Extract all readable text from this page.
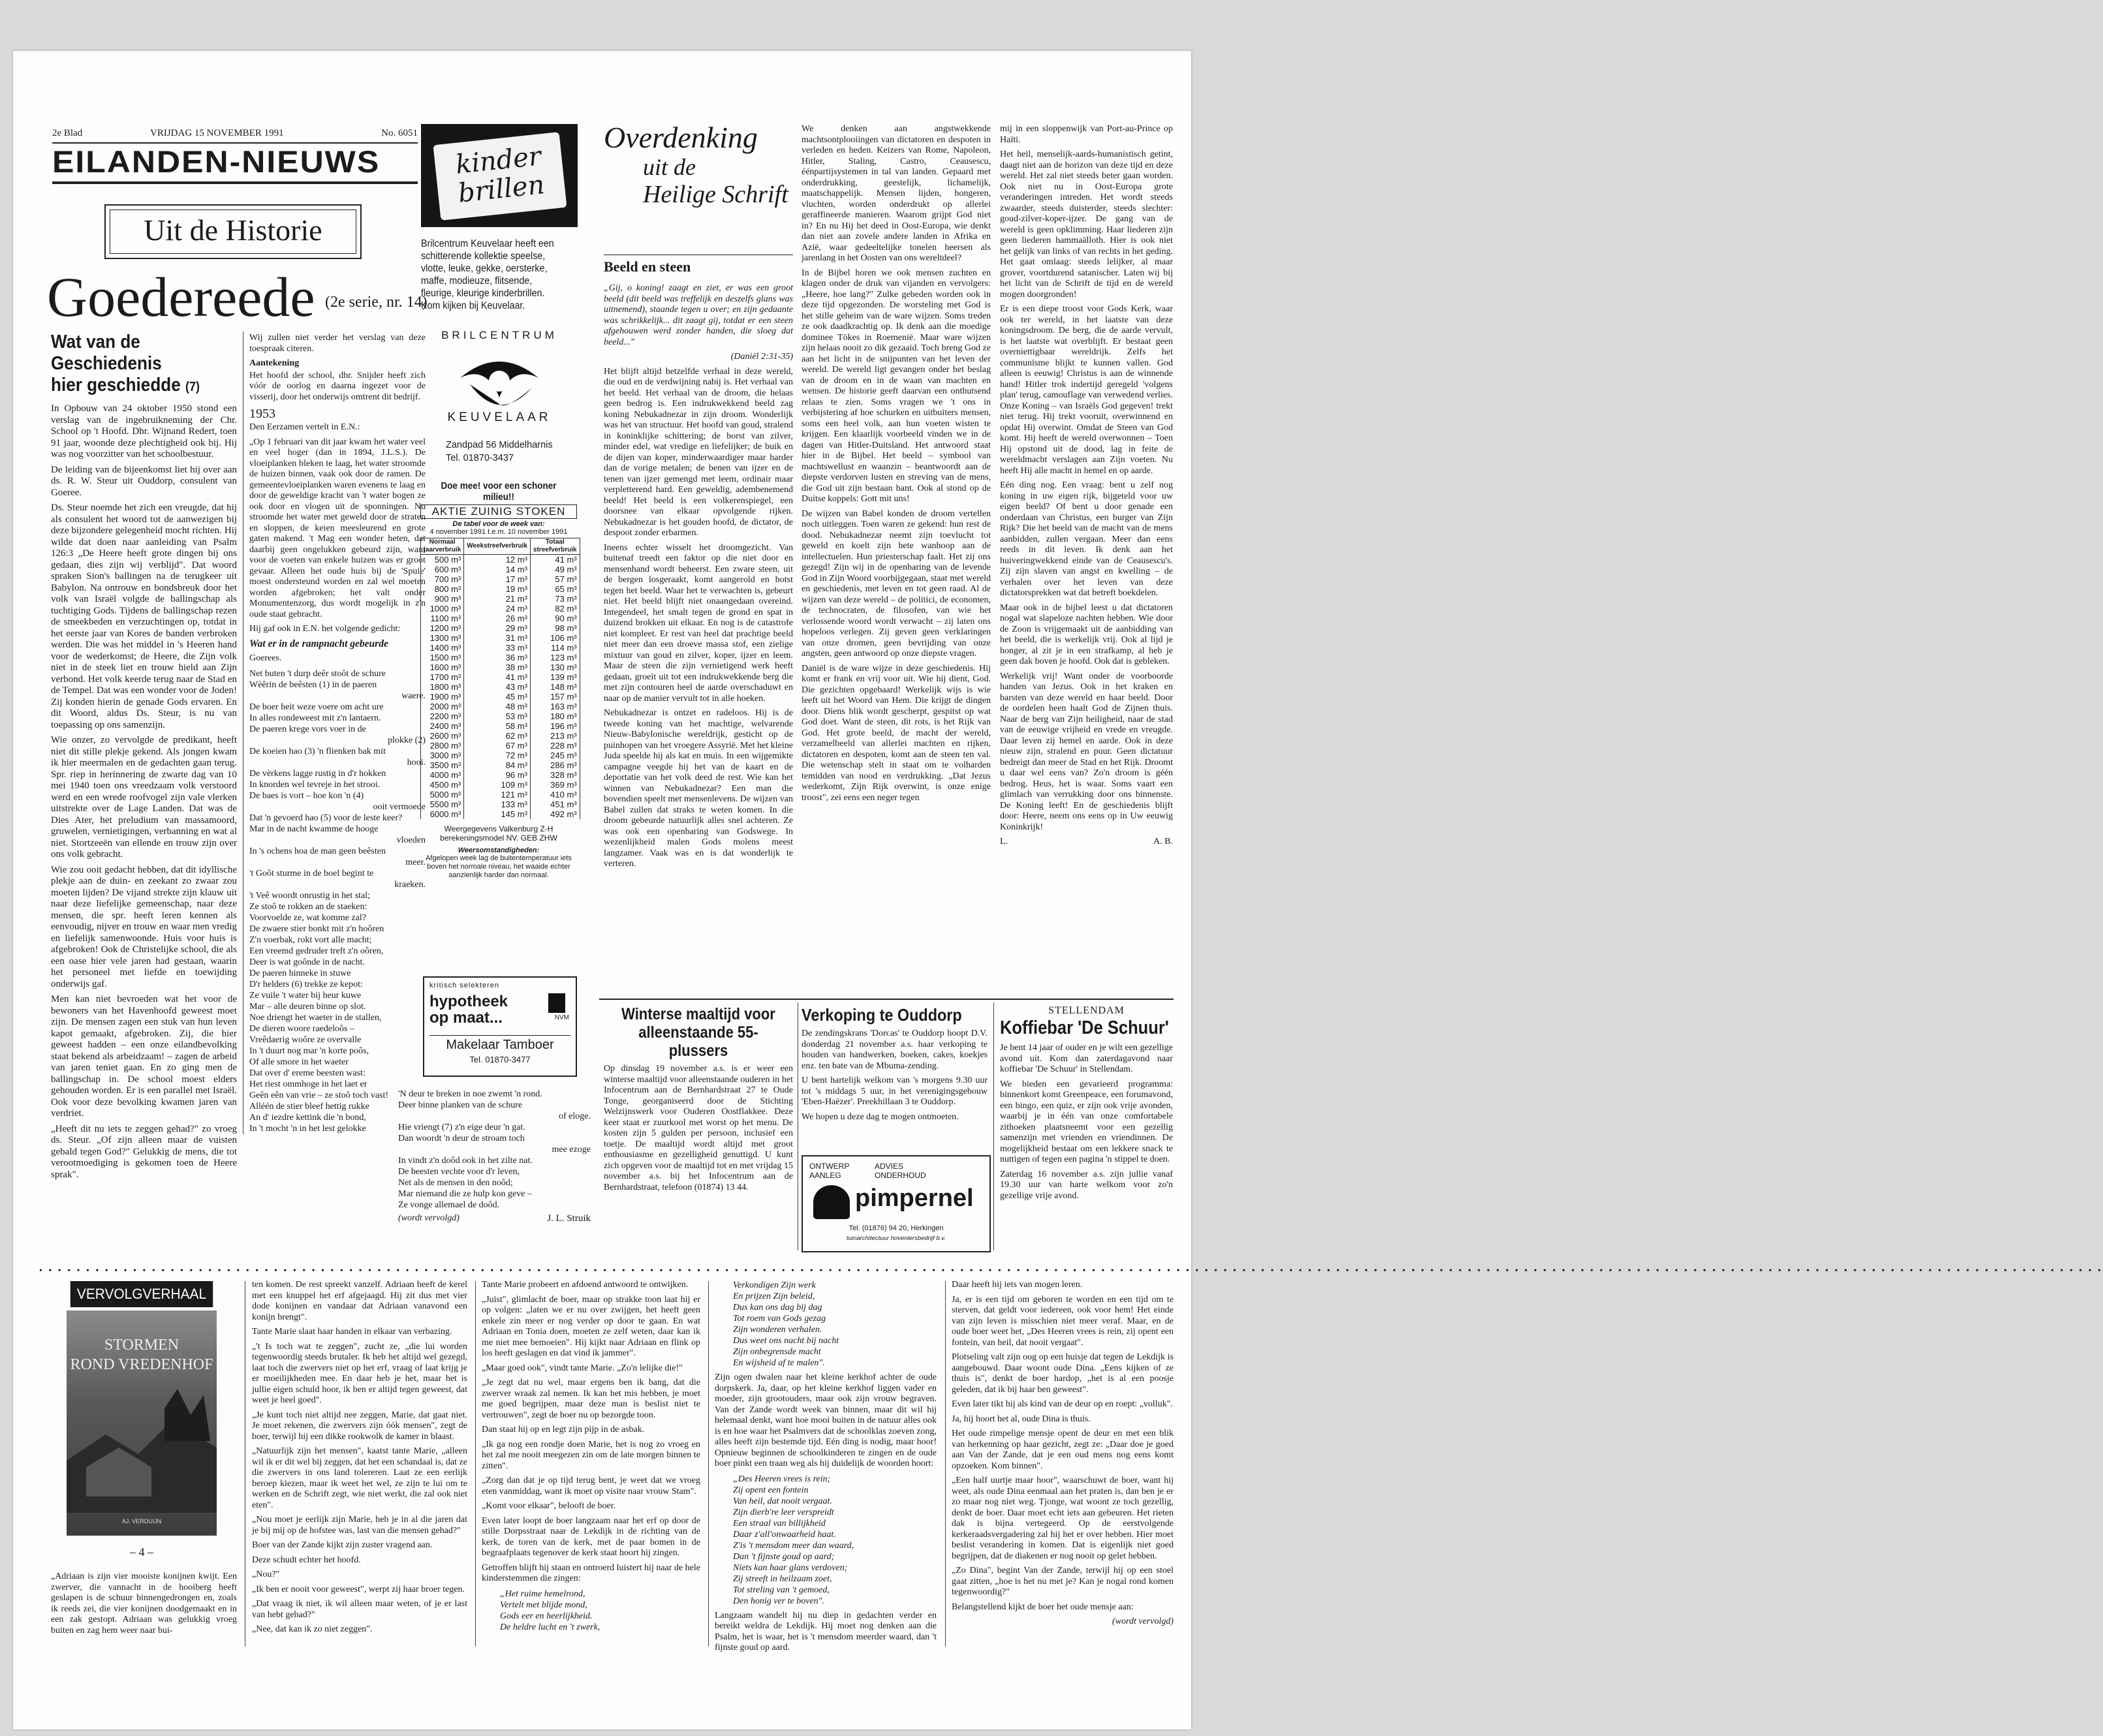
2e Blad	VRIJDAG 15 NOVEMBER 1991	No. 6051
EILANDEN-NIEUWS
Uit de Historie
Goedereede (2e serie, nr. 14)
Wat van de Geschiedenis
hier geschiedde (7)

In Opbouw van 24 oktober 1950 stond een verslag van de ingebruikneming der Chr. School op 't Hoofd. Dhr. Wijnand Redert, toen 91 jaar, woonde deze plechtigheid ook bij. Hij was nog voorzitter van het schoolbestuur.

De leiding van de bijeenkomst liet hij over aan ds. R. W. Steur uit Ouddorp, consulent van Goeree.

Ds. Steur noemde het zich een vreugde, dat hij als consulent het woord tot de aanwezigen bij deze bijzondere gelegenheid mocht richten. Hij wilde dat doen naar aanleiding van Psalm 126:3 „De Heere heeft grote dingen bij ons gedaan, dies zijn wij verblijd". Dat woord spraken Sion's ballingen na de terugkeer uit Babylon. Na ontrouw en bondsbreuk door het volk van Israël volgde de ballingschap als tuchtiging Gods. Tijdens de ballingschap rezen de smeekbeden en verzuchtingen op, totdat in het eerste jaar van Kores de banden verbroken werden. Die was het middel in 's Heeren hand voor de wederkomst; de Heere, die Zijn volk niet in de steek liet en trouw hield aan Zijn verbond. Het volk keerde terug naar de Stad en de Tempel. Dat was een wonder voor de Joden! Zij konden hierin de genade Gods ervaren. En dit Woord, aldus Ds. Steur, is nu van toepassing op ons samenzijn.

Wie onzer, zo vervolgde de predikant, heeft niet dit stille plekje gekend. Als jongen kwam ik hier meermalen en de gedachten gaan terug. Spr. riep in herinnering de zwarte dag van 10 mei 1940 toen ons vreedzaam volk verstoord werd en een wrede roofvogel zijn vale vlerken uitstrekte over de Lage Landen. Dat was de Dies Ater, het preludium van massamoord, gruwelen, vernietigingen, verbanning en wat al niet. Stortzeeën van ellende en trouw zijn over ons volk gebracht.

Wie zou ooit gedacht hebben, dat dit idyllische plekje aan de duin- en zeekant zo zwaar zou moeten lijden? De vijand strekte zijn klauw uit naar deze liefelijke gemeenschap, naar deze mensen, die spr. heeft leren kennen als eenvoudig, nijver en trouw en waar men vredig en liefelijk samenwoonde. Huis voor huis is afgebroken! Ook de Christelijke school, die als een oase hier vele jaren had gestaan, waarin het personeel met liefde en toewijding onderwijs gaf.

Men kan niet bevroeden wat het voor de bewoners van het Havenhoofd geweest moet zijn. De mensen zagen een stuk van hun leven kapot gemaakt, afgebroken. Zij, die hier geweest hadden – een onze eilandbevolking staat bekend als arbeidzaam! – zagen de arbeid van jaren teniet gaan. En zo ging men de ballingschap in. De school moest elders gehouden worden. Er is een parallel met Israël. Ook voor deze bevolking kwamen jaren van verdriet.

„Heeft dit nu iets te zeggen gehad?" zo vroeg ds. Steur. „Of zijn alleen maar de vuisten gebald tegen God?" Gelukkig de mens, die tot verootmoediging is gekomen toen de Heere sprak".

Wij zullen niet verder het verslag van deze toespraak citeren.

Aantekening

Het hoofd der school, dhr. Snijder heeft zich vóór de oorlog en daarna ingezet voor de visserij, door het onderwijs omtrent dit bedrijf.

1953

Den Eerzamen vertelt in E.N.:

„Op 1 februari van dit jaar kwam het water veel en veel hoger (dan in 1894, J.L.S.). De vloeiplanken bleken te laag, het water stroomde de huizen binnen, vaak ook door de ramen. De gemeentevloeiplanken waren evenens te laag en door de geweldige kracht van 't water bogen ze ook door en vlogen uit de sponningen. Nu stroomde het water met geweld door de straten en sloppen, de keien meesleurend en grote gaten makend. 't Mag een wonder heten, dat daarbij geen ongelukken gebeurd zijn, want voor de voeten van enkele huizen was er groot gevaar. Alleen het oude huis bij de 'Spuie' moest ondersteund worden en zal wel moeten worden afgebroken; het valt onder Monumentenzorg, dus wordt mogelijk in z'n oude staat gebracht.

Hij gaf ook in E.N. het volgende gedicht:

Wat er in de rampnacht gebeurde

Goerees.

Net buten 't durp deêr stoôt de schure
Wèêrin de beêsten (1) in de paeren
waere.
De boer heit weze voere om acht ure
In alles rondeweest mit z'n lantaern.
De paeren krege vors voer in de
plokke (2)
De koeien hao (3) 'n flienken bak mit
hooi.
De vèrkens lagge rustig in d'r hokken
In knorden wel tevreje in het strooi.
De baes is vort – hoe kon 'n (4)
ooit vermoede
Dat 'n gevoerd hao (5) voor de leste keer?
Mar in de nacht kwamme de hooge
vloeden
In 's ochens hoa de man geen beêsten
meer.
't Goôt sturme in de boel begint te
kraeken.
't Veê woordt onrustig in het stal;
Ze stoô te rokken an de staeken:
Voorvoelde ze, wat komme zal?
De zwaere stier bonkt mit z'n hoôren
Z'n voerbak, rokt vort alle macht;
Een vreemd gedruder treft z'n oôren,
Deer is wat goônde in de nacht.
De paeren hinneke in stuwe
D'r helders (6) trekke ze kepot:
Ze vuile 't water bij heur kuwe
Mar – alle deuren binne op slot.
Noe driengt het waeter in de stallen,
De dieren woore raedeloôs –
Vreêdaerig woôre ze overvalle
In 't duurt nog mar 'n korte poôs,
Of alle smore in het waeter
Dat over d' ereme beesten wast:
Het riest ommhoge in het laet er
Geên eên van vrie – ze stoô toch vast!
Alléén de stier bleef hettig rukke
An d' iezdre kettink die 'n bond,
In 't mocht 'n in het lest gelokke
'N deur te breken in noe zwemt 'n rond.
Deer binne planken van de schure
of eloge.
Hie vriengt (7) z'n eige deur 'n gat.
Dan woordt 'n deur de stroam toch
mee ezoge
In vindt z'n doôd ook in het zilte nat.
De beesten vechte voor d'r leven,
Net als de mensen in den noôd;
Mar niemand die ze hulp kon geve –
Ze vonge allemael de doôd.
(wordt vervolgd)	J. L. Struik
kinder brillen
Brilcentrum Keuvelaar heeft een schitterende kollektie speelse, vlotte, leuke, gekke, oersterke, maffe, modieuze, flitsende, fleurige, kleurige kinderbrillen. Kom kijken bij Keuvelaar.
BRILCENTRUM
KEUVELAAR
Zandpad 56 Middelharnis
Tel. 01870-3437
Doe mee! voor een schoner milieu!!
AKTIE ZUINIG STOKEN
De tabel voor de week van:
4 november 1991 t.e.m. 10 november 1991
Normaal jaarverbruik	Weekstreefverbruik	Totaal streefverbruik
500 m³	12 m³	41 m³
600 m³	14 m³	49 m³
700 m³	17 m³	57 m³
800 m³	19 m³	65 m³
900 m³	21 m³	73 m³
1000 m³	24 m³	82 m³
1100 m³	26 m³	90 m³
1200 m³	29 m³	98 m³
1300 m³	31 m³	106 m³
1400 m³	33 m³	114 m³
1500 m³	36 m³	123 m³
1600 m³	38 m³	130 m³
1700 m³	41 m³	139 m³
1800 m³	43 m³	148 m³
1900 m³	45 m³	157 m³
2000 m³	48 m³	163 m³
2200 m³	53 m³	180 m³
2400 m³	58 m³	196 m³
2600 m³	62 m³	213 m³
2800 m³	67 m³	228 m³
3000 m³	72 m³	245 m³
3500 m³	84 m³	286 m³
4000 m³	96 m³	328 m³
4500 m³	109 m³	369 m³
5000 m³	121 m³	410 m³
5500 m³	133 m³	451 m³
6000 m³	145 m³	492 m³
Weergegevens Valkenburg Z-H
berekeningsmodel NV. GEB ZHW
Weersomstandigheden:
Afgelopen week lag de buitentemperatuur iets boven het normale niveau, het waaide echter aanzienlijk harder dan normaal.
kritisch selekteren
hypotheek op maat...	NVM
Makelaar Tamboer
Tel. 01870-3477
Overdenking
uit de
Heilige Schrift
Beeld en steen

„Gij, o koning! zaagt en ziet, er was een groot beeld (dit beeld was treffelijk en deszelfs glans was uitnemend), staande tegen u over; en zijn gedaante was schrikkelijk... dit zaagt gij, totdat er een steen afgehouwen werd zonder handen, die sloeg dat beeld..."

(Daniël 2:31-35)

Het blijft altijd hetzelfde verhaal in deze wereld, die oud en de verdwijning nabij is. Het verhaal van het beeld. Het verhaal van de droom, die helaas geen bedrog is. Een indrukwekkend beeld zag koning Nebukadnezar in zijn droom. Wonderlijk was het van structuur. Het hoofd van goud, stralend in koninklijke schittering; de borst van zilver, minder edel, wat vredige en liefelijker; de buik en de dijen van koper, minderwaardiger maar harder dan de vorige metalen; de benen van ijzer en de tenen van ijzer gemengd met leem, ordinair maar verpletterend hard. Een geweldig, adembenemend beeld! Het beeld is een volkerenspiegel, een doorsnee van elkaar opvolgende rijken. Nebukadnezar is het gouden hoofd, de dictator, de despoot zonder erbarmen.

Ineens echter wisselt het droomgezicht. Van buitenaf treedt een faktor op die niet door en mensenhand wordt beheerst. Een zware steen, uit de bergen losgeraakt, komt aangerold en botst tegen het beeld. Waar het te verwachten is, gebeurt niet. Het beeld blijft niet onaangedaan overeind. Integendeel, het smalt tegen de grond en spat in duizend brokken uit elkaar. En nog is de catastrofe niet kompleet. Er rest van heel dat prachtige beeld niet meer dan een droeve massa stof, een zielige mixtuur van goud en zilver, koper, ijzer en leem. Maar de steen die zijn vernietigend werk heeft gedaan, groeit uit tot een indrukwekkende berg die met zijn contouren heel de aarde overschaduwt en naar op de manier vervult tot in alle hoeken.

Nebukadnezar is ontzet en radeloos. Hij is de tweede koning van het machtige, welvarende Nieuw-Babylonische wereldrijk, gesticht op de puinhopen van het vroegere Assyrië. Met het kleine Juda speelde hij als kat en muis. In een wijgemikte campagne veegde hij het van de kaart en de deportatie van het volk deed de rest. Wie kan het winnen van Nebukadnezar? Een man die bovendien speelt met mensenlevens. De wijzen van Babel zullen dat straks te weten komen. In die droom gebeurde natuurlijk alles snel achteren. Ze was ook een openbaring van Godswege. In wezenlijkheid malen Gods molens meest langzamer. Vaak was en is dat wonderlijk te verteren.

We denken aan angstwekkende machtsontplooiingen van dictatoren en despoten in verleden en heden. Keizers van Rome, Napoleon, Hitler, Staling, Castro, Ceausescu, éénpartijsystemen in tal van landen. Gepaard met onderdrukking, geestelijk, lichamelijk, maatschappelijk. Mensen lijden, hongeren, vluchten, worden onderdrukt op allerlei geraffineerde manieren. Waarom grijpt God niet in? En nu Hij het deed in Oost-Europa, wie denkt dan niet aan zovele andere landen in Afrika en Azië, waar gedeeltelijke tonelen heersen als jarenlang in het Oosten van ons wereltdeel?

In de Bijbel horen we ook mensen zuchten en klagen onder de druk van vijanden en vervolgers: „Heere, hoe lang?" Zulke gebeden worden ook in deze tijd opgezonden. De worsteling met God is het stille geheim van de ware wijzen. Soms treden ze ook daadkrachtig op. Ik denk aan die moedige dominee Tökes in Roemenië. Maar ware wijzen zijn helaas nooit zo dik gezaaid. Toch breng God ze aan het licht in de snijpunten van het leven der wereld. De wereld ligt gevangen onder het beslag van de droom en in de waan van machten en wensen. De historie geeft daarvan een onthutsend relaas te zien. Soms vragen we 't ons in verbijstering af hoe schurken en uitbuiters mensen, soms een heel volk, aan hun voeten wisten te krijgen. Een klaarlijk voorbeeld vinden we in de dagen van Hitler-Duitsland. Het antwoord staat hier in de Bijbel. Het beeld – symbool van machtswellust en waanzin – beantwoordt aan de diepste verdorven lusten en streving van de mens, die God uit zijn bestaan bant. Ook al stond op de Duitse koppels: Gott mit uns!

De wijzen van Babel konden de droom vertellen noch uitleggen. Toen waren ze gekend: hun rest de dood. Nebukadnezar neemt zijn toevlucht tot geweld en koelt zijn hete wanhoop aan de intellectuelen. Hun priesterschap faalt. Het zij ons gezegd! Zijn wij in de openbaring van de levende God in Zijn Woord voorbijgegaan, staat met wereld en geschiedenis, met leven en tot geen raad. Al de wijzen van deze wereld – de politici, de economen, de technocraten, de filosofen, van wie het verlossende woord wordt verwacht – zij laten ons hopeloos verlegen. Zij geven geen verklaringen van onze dromen, geen bevrijding van onze angsten, geen antwoord op onze diepste vragen.

Daniël is de ware wijze in deze geschiedenis. Hij komt er frank en vrij voor uit. Wie hij dient, God. Die gezichten opgebaard! Werkelijk wijs is wie leeft uit het Woord van Hem. Die krijgt de dingen door. Diens blik wordt gescherpt, gespitst op wat God doet. Want de steen, dit rots, is het Rijk van God. Het grote beeld, de macht der wereld, verzamelbeeld van allerlei machten en rijken, dictatoren en despoten, komt aan de steen ten val. Die wetenschap stelt in staat om te volharden temidden van nood en verdrukking. „Dat Jezus wederkomt, Zijn Rijk overwint, is onze enige troost", zei eens een neger tegen

mij in een sloppenwijk van Port-au-Prince op Haïti.

Het heil, menselijk-aards-humanistisch getint, daagt niet aan de horizon van deze tijd en deze wereld. Het zal niet steeds beter gaan worden. Ook niet nu in Oost-Europa grote veranderingen intreden. Het wordt steeds zwaarder, steeds duisterder, steeds slechter: goud-zilver-koper-ijzer. De gang van de wereld is geen opklimming. Haar liederen zijn geen liederen hammaälloth. Hier is ook niet het gelijk van links of van rechts in het geding. Het gaat omlaag: steeds lelijker, al maar grover, voortdurend satanischer. Laten wij bij het licht van de Schrift de tijd en de wereld mogen doorgronden!

Er is een diepe troost voor Gods Kerk, waar ook ter wereld, in het laatste van deze koningsdroom. De berg, die de aarde vervult, is het laatste wat overblijft. Er bestaat geen overniettigbaar wereldrijk. Zelfs het communisme blijkt te kunnen vallen. God alleen is eeuwig! Christus is aan de winnende hand! Hitler trok indertijd geregeld 'volgens plan' terug, camouflage van verwedend verlies. Onze Koning – van Israëls God gegeven! trekt niet terug. Hij trekt vooruit, overwinnend en opdat Hij overwint. Omdat de Steen van God komt. Hij heeft de wereld overwonnen – Toen Hij opstond uit de dood, lag in feite de wereldmacht verslagen aan Zijn voeten. Nu heeft Hij alle macht in hemel en op aarde.

Eén ding nog. Een vraag: bent u zelf nog koning in uw eigen rijk, bijgeteld voor uw eigen beeld? Of bent u door genade een onderdaan van Christus, een burger van Zijn Rijk? Die het beeld van de macht van de mens aanbidden, zullen vergaan. Meer dan eens reeds in dit leven. Ik denk aan het huiveringwekkend einde van de Ceausescu's. Zij zijn slaven van angst en kwelling – de verhalen over het leven van deze dictatorsprekken wat dat betreft boekdelen.

Maar ook in de bijbel leest u dat dictatoren nogal wat slapeloze nachten hebben. Wie door de Zoon is vrijgemaakt uit de aanbidding van het beeld, die is werkelijk vrij. Ook al lijd je honger, al zit je in een strafkamp, al heb je geen dak boven je hoofd. Ook dat is gebleken.

Werkelijk vrij! Want onder de voorboorde handen van Jezus. Ook in het kraken en barsten van deze wereld en haar beeld. Door de oordelen heen haalt God de Zijnen thuis. Naar de berg van Zijn heiligheid, naar de stad van de eeuwige vrijheid en vrede en vreugde. Daar leven zij hemel en aarde. Ook in deze nieuw zijn, stralend en puur. Geen dictatuur bedreigt dan meer de Stad en het Rijk. Droomt u daar wel eens van? Zo'n droom is géén bedrog. Heus, het is waar. Soms vaart een glimlach van verrukking door ons binnenste. De Koning leeft! En de geschiedenis blijft door: Heere, neem ons eens op in Uw eeuwig Koninkrijk!

L.	A. B.
Winterse maaltijd voor alleenstaande 55-plussers

Op dinsdag 19 november a.s. is er weer een winterse maaltijd voor alleenstaande ouderen in het Infocentrum aan de Bernhardstraat 27 te Oude Tonge, georganiseerd door de Stichting Welzijnswerk voor Ouderen Oostflakkee. Deze keer staat er zuurkool met worst op het menu. De kosten zijn 5 gulden per persoon, inclusief een toetje. De maaltijd wordt altijd met groot enthousiasme en gezelligheid genuttigd. U kunt zich opgeven voor de maaltijd tot en met vrijdag 15 november a.s. bij het Infocentrum aan de Bernhardstraat, telefoon (01874) 13 44.

Verkoping te Ouddorp

De zendingskrans 'Dorcas' te Ouddorp hoopt D.V. donderdag 21 november a.s. haar verkoping te houden van handwerken, boeken, cakes, koekjes enz. ten bate van de Mbuma-zending.

U bent hartelijk welkom van 's morgens 9.30 uur tot 's middags 5 uur, in het verenigingsgebouw 'Eben-Haëzer'. Preekhillaan 3 te Ouddorp.

We hopen u deze dag te mogen ontmoeten.

ONTWERP
AANLEG
ADVIES
ONDERHOUD
pimpernel
Tel. (01876) 94 20, Herkingen
tuinarchitectuur hoveniersbedrijf b.v.
STELLENDAM
Koffiebar 'De Schuur'

Je bent 14 jaar of ouder en je wilt een gezellige avond uit. Kom dan zaterdagavond naar koffiebar 'De Schuur' in Stellendam.

We bieden een gevarieerd programma: binnenkort komt Greenpeace, een forumavond, een bingo, een quiz, er zijn ook vrije avonden, waarbij je in één van onze comfortabele zithoeken plaatsneemt voor een gezellig samenzijn met vrienden en vriendinnen. De mogelijkheid bestaat om een lekkere snack te nuttigen of tegen een pagina 'n stippel te doen.

Zaterdag 16 november a.s. zijn jullie vanaf 19.30 uur van harte welkom voor zo'n gezellige vrije avond.

• • • • • • • • • • • • • • • • • • • • • • • • • • • • • • • • • • • • • • • • • • • • • • • • • • • • • • • • • • • • • • • • • • • • • • • • • • • • • • • • • • • • • • • • • • • • • • • • • • • • • • • • • • • • • • • • • • • • • • • • • • • • • • • • • • • • • • • • • • • • • • • • • • • • • • • • • • • • • • • • • • • • • • • • • • • • • • • • • • • • • • • • • • • • • • • • • • • • • • • • • • • • • • • • • • • • • • • • • • • •
VERVOLGVERHAAL
STORMEN
ROND VREDENHOF
AJ. VERDUIJN
– 4 –

„Adriaan is zijn vier mooiste konijnen kwijt. Een zwerver, die vannacht in de hooiberg heeft geslapen is de schuur binnengedrongen en, zoals ik reeds zei, die vier konijnen doodgemaakt en in een zak gestopt. Adriaan was gelukkig vroeg buiten en zag hem weer naar bui-

ten komen. De rest spreekt vanzelf. Adriaan heeft de kerel met een knuppel het erf afgejaagd. Hij zit dus met vier dode konijnen en vandaar dat Adriaan vanavond een konijn brengt".

Tante Marie slaat haar handen in elkaar van verbazing.

„'t Is toch wat te zeggen", zucht ze, „die lui worden tegenwoordig steeds brutaler. Ik heb het altijd wel gezegd, laat toch die zwervers niet op het erf, vraag of laat krijg je er moeilijkheden mee. En daar heb je het, maar het is jullie eigen schuld hoor, ik ben er altijd tegen geweest, dat weet je heel goed".

„Je kunt toch niet altijd nee zeggen, Marie, dat gaat niet. Je moet rekenen, die zwervers zijn óók mensen", zegt de boer, terwijl hij een dikke rookwolk de kamer in blaast.

„Natuurlijk zijn het mensen", kaatst tante Marie, „alleen wil ik er dit wel bij zeggen, dat het een schandaal is, dat ze die zwervers in ons land tolereren. Laat ze een eerlijk beroep kiezen, maar ik weet het wel, ze zijn te lui om te werken en de Schrift zegt, wie niet werkt, die zal ook niet eten".

„Nou moet je eerlijk zijn Marie, heb je in al die jaren dat je bij mij op de hofstee was, last van die mensen gehad?"

Boer van der Zande kijkt zijn zuster vragend aan.

Deze schudt echter het hoofd.

„Nou?"

„Ik ben er nooit voor geweest", werpt zij haar broer tegen.

„Dat vraag ik niet, ik wil alleen maar weten, of je er last van hebt gehad?"

„Nee, dat kan ik zo niet zeggen".

Tante Marie probeert en afdoend antwoord te ontwijken.

„Juist", glimlacht de boer, maar op strakke toon laat hij er op volgen: „laten we er nu over zwijgen, het heeft geen enkele zin meer er nog verder op door te gaan. En wat Adriaan en Tonia doen, moeten ze zelf weten, daar kan ik me niet mee bemoeien". Hij kijkt naar Adriaan en flink op los heeft geslagen en dat vind ik jammer".

„Maar goed ook", vindt tante Marie. „Zo'n lelijke die!"

„Je zegt dat nu wel, maar ergens ben ik bang, dat die zwerver wraak zal nemen. Ik kan het mis hebben, je moet me goed begrijpen, maar deze man is beslist niet te vertrouwen", zegt de boer nu op bezorgde toon.

Dan staat hij op en legt zijn pijp in de asbak.

„Ik ga nog een rondje doen Marie, het is nog zo vroeg en het zal me nooit meegezen zin om de late morgen binnen te zitten".

„Zorg dan dat je op tijd terug bent, je weet dat we vroeg eten vanmiddag, want ik moet op visite naar vrouw Stam".

„Komt voor elkaar", belooft de boer.

Even later loopt de boer langzaam naar het erf op door de stille Dorpsstraat naar de Lekdijk in de richting van de kerk, de toren van de kerk, met de paar bomen in de begraafplaats tegenover de kerk staat hoort hij zingen.

Getroffen blijft hij staan en ontroerd luistert hij naar de hele kinderstemmen die zingen:

„Het ruime hemelrond,
Vertelt met blijde mond,
Gods eer en heerlijkheid.
De heldre lucht en 't zwerk,
Verkondigen Zijn werk
En prijzen Zijn beleid,
Dus kan ons dag bij dag
Tot roem van Gods gezag
Zijn wonderen verhalen.
Dus weet ons nacht bij nacht
Zijn onbegrensde macht
En wijsheid af te malen".

Zijn ogen dwalen naar het kleine kerkhof achter de oude dorpskerk. Ja, daar, op het kleine kerkhof liggen vader en moeder, zijn grootouders, maar ook zijn vrouw begraven. Van der Zande wordt week van binnen, maar dit wil hij helemaal denkt, want hoe mooi buiten in de natuur alles ook is en hoe waar het Psalmvers dat de schoolklas zoeven zong, alles heeft zijn bestemde tijd. Eén ding is nodig, maar hoor! Opnieuw beginnen de schoolkinderen te zingen en de oude boer pinkt een traan weg als hij duidelijk de woorden hoort:

„Des Heeren vrees is rein;
Zij opent een fontein
Van heil, dat nooit vergaat.
Zijn dierb're leer verspreidt
Een straal van billijkheid
Daar z'all'onwaarheid haat.
Z'is 't mensdom meer dan waard,
Dan 't fijnste goud op aard;
Niets kan haar glans verdoven;
Zij streeft in heilzaam zoet,
Tot streling van 't gemoed,
Den honig ver te boven".

Langzaam wandelt hij nu diep in gedachten verder en bereikt weldra de Lekdijk. Hij moet nog denken aan die Psalm, het is waar, het is 't mensdom meerder waard, dan 't fijnste goud op aard.

Daar heeft hij iets van mogen leren.

Ja, er is een tijd om geboren te worden en een tijd om te sterven, dat geldt voor iedereen, ook voor hem! Het einde van zijn leven is misschien niet meer veraf. Maar, en de oude boer weet het, „Des Heeren vrees is rein, zij opent een fontein, van heil, dat nooit vergaat".

Plotseling valt zijn oog op een huisje dat tegen de Lekdijk is aangebouwd. Daar woont oude Dina. „Eens kijken of ze thuis is", denkt de boer hardop, „het is al een poosje geleden, dat ik bij haar ben geweest".

Even later tikt hij als kind van de deur op en roept: „volluk".

Ja, hij hoort het al, oude Dina is thuis.

Het oude rimpelige mensje opent de deur en met een blik van herkenning op haar gezicht, zegt ze: „Daar doe je goed aan Van der Zande, dat je een oud mens nog eens komt opzoeken. Kom binnen".

„Een half uurtje maar hoor", waarschuwt de boer, want hij weet, als oude Dina eenmaal aan het praten is, dan ben je er zo maar nog niet weg. Tjonge, wat woont ze toch gezellig, denkt de boer. Daar moet echt iets aan gebeuren. Het rieten dak is bijna vertegeerd. Op de eerstvolgende kerkeraadsvergadering zal hij het er over hebben. Hier moet beslist verandering in komen. Dat is eigenlijk niet goed begrijpen, dat de diakenen er nog nooit op gelet hebben.

„Zo Dina", begint Van der Zande, terwijl hij op een stoel gaat zitten, „hoe is het nu met je? Kan je nogal rond komen tegenwoordig?"

Belangstellend kijkt de boer het oude mensje aan:

(wordt vervolgd)
